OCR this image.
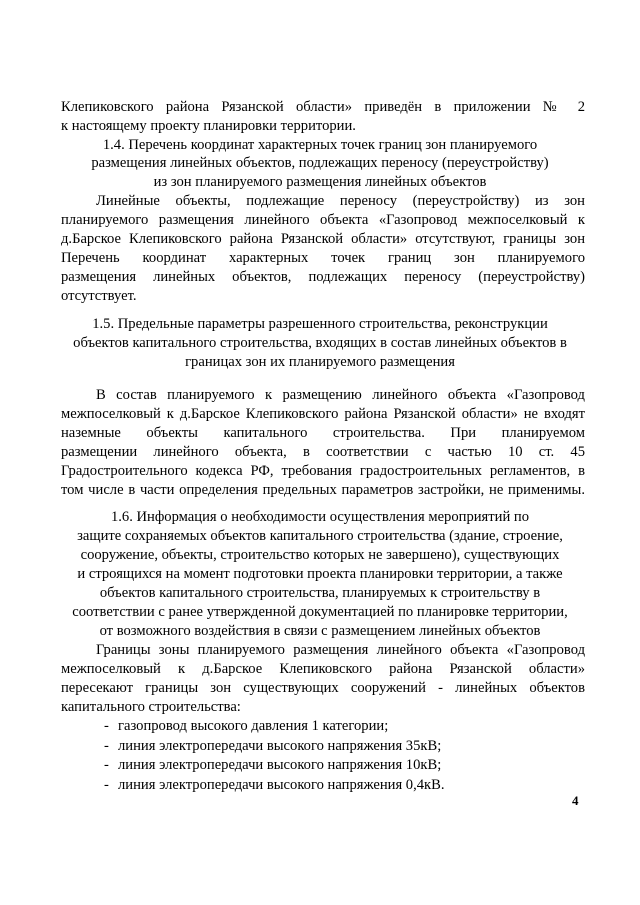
Клепиковского района Рязанской области» приведён в приложении № 2
к настоящему проекту планировки территории.
1.4. Перечень координат характерных точек границ зон планируемого
размещения линейных объектов, подлежащих переносу (переустройству)
из зон планируемого размещения линейных объектов
Линейные объекты, подлежащие переносу (переустройству) из зон
планируемого размещения линейного объекта «Газопровод межпоселковый к
д.Барское Клепиковского района Рязанской области» отсутствуют, границы зон
Перечень координат характерных точек границ зон планируемого
размещения линейных объектов, подлежащих переносу (переустройству)
отсутствует.
1.5. Предельные параметры разрешенного строительства, реконструкции
объектов капитального строительства, входящих в состав линейных объектов в
границах зон их планируемого размещения
В состав планируемого к размещению линейного объекта «Газопровод
межпоселковый к д.Барское Клепиковского района Рязанской области» не входят
наземные объекты капитального строительства. При планируемом
размещении линейного объекта, в соответствии с частью 10 ст. 45
Градостроительного кодекса РФ, требования градостроительных регламентов, в
том числе в части определения предельных параметров застройки, не применимы.
1.6. Информация о необходимости осуществления мероприятий по
защите сохраняемых объектов капитального строительства (здание, строение,
сооружение, объекты, строительство которых не завершено), существующих
и строящихся на момент подготовки проекта планировки территории, а также
объектов капитального строительства, планируемых к строительству в
соответствии с ранее утвержденной документацией по планировке территории,
от возможного воздействия в связи с размещением линейных объектов
Границы зоны планируемого размещения линейного объекта «Газопровод
межпоселковый к д.Барское Клепиковского района Рязанской области»
пересекают границы зон существующих сооружений - линейных объектов
капитального строительства:
- газопровод высокого давления 1 категории;
- линия электропередачи высокого напряжения 35кВ;
- линия электропередачи высокого напряжения 10кВ;
- линия электропередачи высокого напряжения 0,4кВ.
4
